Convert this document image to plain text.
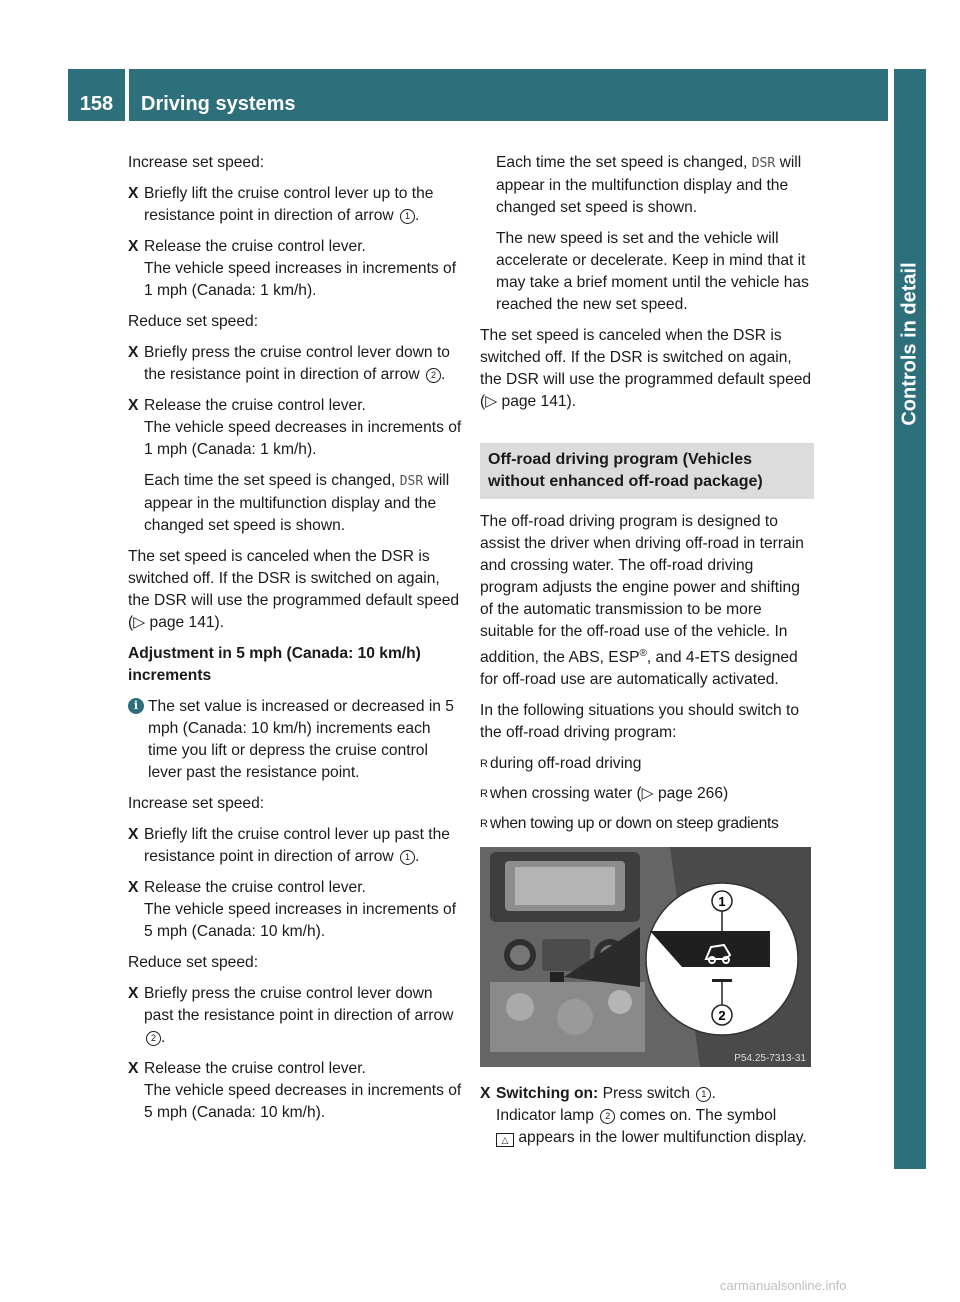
158	Driving systems
Controls in detail

Increase set speed:

X Briefly lift the cruise control lever up to the resistance point in direction of arrow 1 .
X Release the cruise control lever.
The vehicle speed increases in increments of 1 mph (Canada: 1 km/h).

Reduce set speed:

X Briefly press the cruise control lever down to the resistance point in direction of arrow 2 .
X Release the cruise control lever.
The vehicle speed decreases in increments of 1 mph (Canada: 1 km/h).

Each time the set speed is changed, DSR will appear in the multifunction display and the changed set speed is shown.

The set speed is canceled when the DSR is switched off. If the DSR is switched on again, the DSR will use the programmed default speed (▷ page 141).

Adjustment in 5 mph (Canada: 10 km/h) increments

i The set value is increased or decreased in 5 mph (Canada: 10 km/h) increments each time you lift or depress the cruise control lever past the resistance point.

Increase set speed:

X Briefly lift the cruise control lever up past the resistance point in direction of arrow 1 .
X Release the cruise control lever.
The vehicle speed increases in increments of 5 mph (Canada: 10 km/h).

Reduce set speed:

X Briefly press the cruise control lever down past the resistance point in direction of arrow 2 .
X Release the cruise control lever.
The vehicle speed decreases in increments of 5 mph (Canada: 10 km/h).

Each time the set speed is changed, DSR will appear in the multifunction display and the changed set speed is shown.

The new speed is set and the vehicle will accelerate or decelerate. Keep in mind that it may take a brief moment until the vehicle has reached the new set speed.

The set speed is canceled when the DSR is switched off. If the DSR is switched on again, the DSR will use the programmed default speed (▷ page 141).

Off-road driving program (Vehicles without enhanced off-road package)

The off-road driving program is designed to assist the driver when driving off-road in terrain and crossing water. The off-road driving program adjusts the engine power and shifting of the automatic transmission to be more suitable for the off-road use of the vehicle. In addition, the ABS, ESP®, and 4-ETS designed for off-road use are automatically activated.

In the following situations you should switch to the off-road driving program:

R during off-road driving
R when crossing water (▷ page 266)
R when towing up or down on steep gradients
1
2
P54.25-7313-31
X Switching on: Press switch 1 .
Indicator lamp 2 comes on. The symbol
△ appears in the lower multifunction display.
carmanualsonline.info
